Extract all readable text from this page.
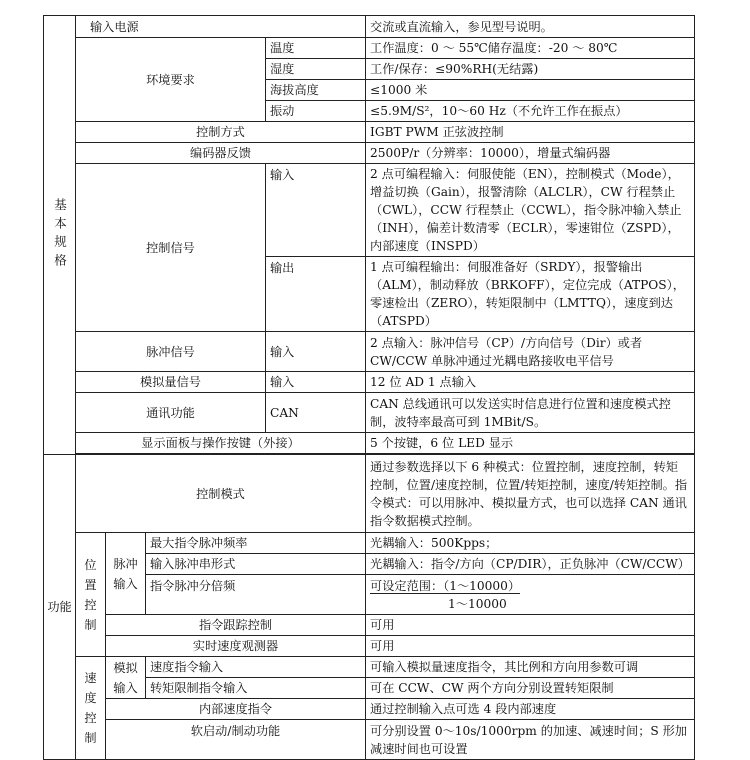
基本规格	输入电源				交流或直流输入，参见型号说明。
	环境要求			温度	工作温度：0 ～ 55℃储存温度：-20 ～ 80℃
				湿度	工作/保存：≤90%RH(无结露)
				海拔高度	≤1000 米
				振动	≤5.9M/S²，10～60 Hz（不允许工作在振点）
	控制方式				IGBT PWM 正弦波控制
	编码器反馈				2500P/r（分辨率：10000），增量式编码器
	控制信号			输入	2 点可编程输入：伺服使能（EN），控制模式（Mode），增益切换（Gain），报警清除（ALCLR），CW 行程禁止（CWL），CCW 行程禁止（CCWL），指令脉冲输入禁止（INH），偏差计数清零（ECLR），零速钳位（ZSPD），内部速度（INSPD）
				输出	1 点可编程输出：伺服准备好（SRDY），报警输出（ALM），制动释放（BRKOFF），定位完成（ATPOS），零速检出（ZERO），转矩限制中（LMTTQ），速度到达（ATSPD）
	脉冲信号			输入	2 点输入：脉冲信号（CP）/方向信号（Dir）或者 CW/CCW 单脉冲通过光耦电路接收电平信号
	模拟量信号			输入	12 位 AD 1 点输入
	通讯功能			CAN	CAN 总线通讯可以发送实时信息进行位置和速度模式控制，波特率最高可到 1MBit/S。
	显示面板与操作按键（外接）				5 个按键，6 位 LED 显示

功能	控制模式				通过参数选择以下 6 种模式：位置控制，速度控制，转矩控制，位置/速度控制，位置/转矩控制，速度/转矩控制。指令模式：可以用脉冲、模拟量方式，也可以选择 CAN 通讯指令数据模式控制。

	位置控制	脉冲输入	最大指令脉冲频率		光耦输入：500Kpps；
			输入脉冲串形式		光耦输入：指令/方向（CP/DIR），正负脉冲（CW/CCW）
			指令脉冲分倍频		可设定范围：（1～10000）
1～10000

		指令跟踪控制			可用
		实时速度观测器			可用

	速度控制	模拟输入	速度指令输入		可输入模拟量速度指令，其比例和方向用参数可调
			转矩限制指令输入		可在 CCW、CW 两个方向分别设置转矩限制
		内部速度指令			通过控制输入点可选 4 段内部速度
		软启动/制动功能			可分别设置 0～10s/1000rpm 的加速、减速时间；S 形加减速时间也可设置
